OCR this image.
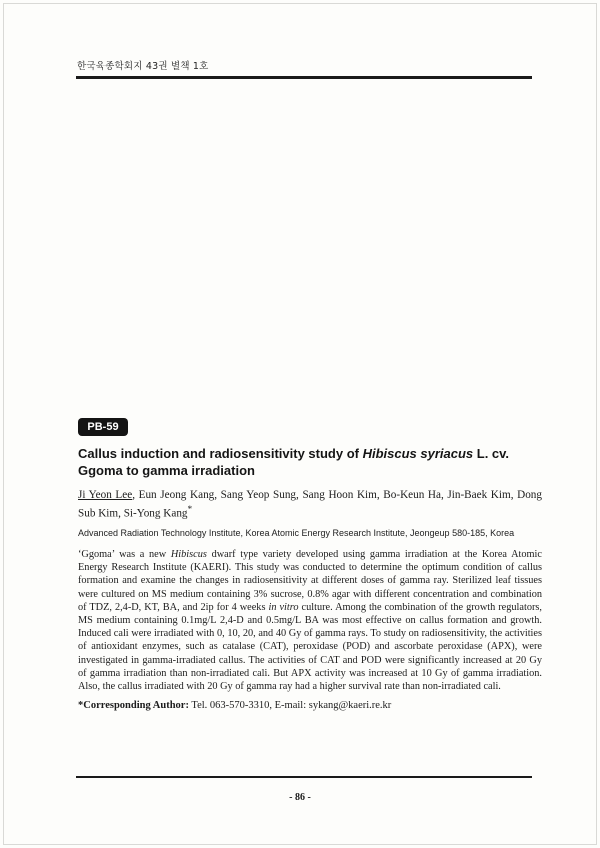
한국육종학회지 43권 별책 1호
PB-59
Callus induction and radiosensitivity study of Hibiscus syriacus L. cv. Ggoma to gamma irradiation
Ji Yeon Lee, Eun Jeong Kang, Sang Yeop Sung, Sang Hoon Kim, Bo-Keun Ha, Jin-Baek Kim, Dong Sub Kim, Si-Yong Kang*
Advanced Radiation Technology Institute, Korea Atomic Energy Research Institute, Jeongeup 580-185, Korea

‘Ggoma’ was a new Hibiscus dwarf type variety developed using gamma irradiation at the Korea Atomic Energy Research Institute (KAERI). This study was conducted to determine the optimum condition of callus formation and examine the changes in radiosensitivity at different doses of gamma ray. Sterilized leaf tissues were cultured on MS medium containing 3% sucrose, 0.8% agar with different concentration and combination of TDZ, 2,4-D, KT, BA, and 2ip for 4 weeks in vitro culture. Among the combination of the growth regulators, MS medium containing 0.1mg/L 2,4-D and 0.5mg/L BA was most effective on callus formation and growth. Induced cali were irradiated with 0, 10, 20, and 40 Gy of gamma rays. To study on radiosensitivity, the activities of antioxidant enzymes, such as catalase (CAT), peroxidase (POD) and ascorbate peroxidase (APX), were investigated in gamma-irradiated callus. The activities of CAT and POD were significantly increased at 20 Gy of gamma irradiation than non-irradiated cali. But APX activity was increased at 10 Gy of gamma irradiation. Also, the callus irradiated with 20 Gy of gamma ray had a higher survival rate than non-irradiated cali.

*Corresponding Author: Tel. 063-570-3310, E-mail: sykang@kaeri.re.kr
- 86 -
